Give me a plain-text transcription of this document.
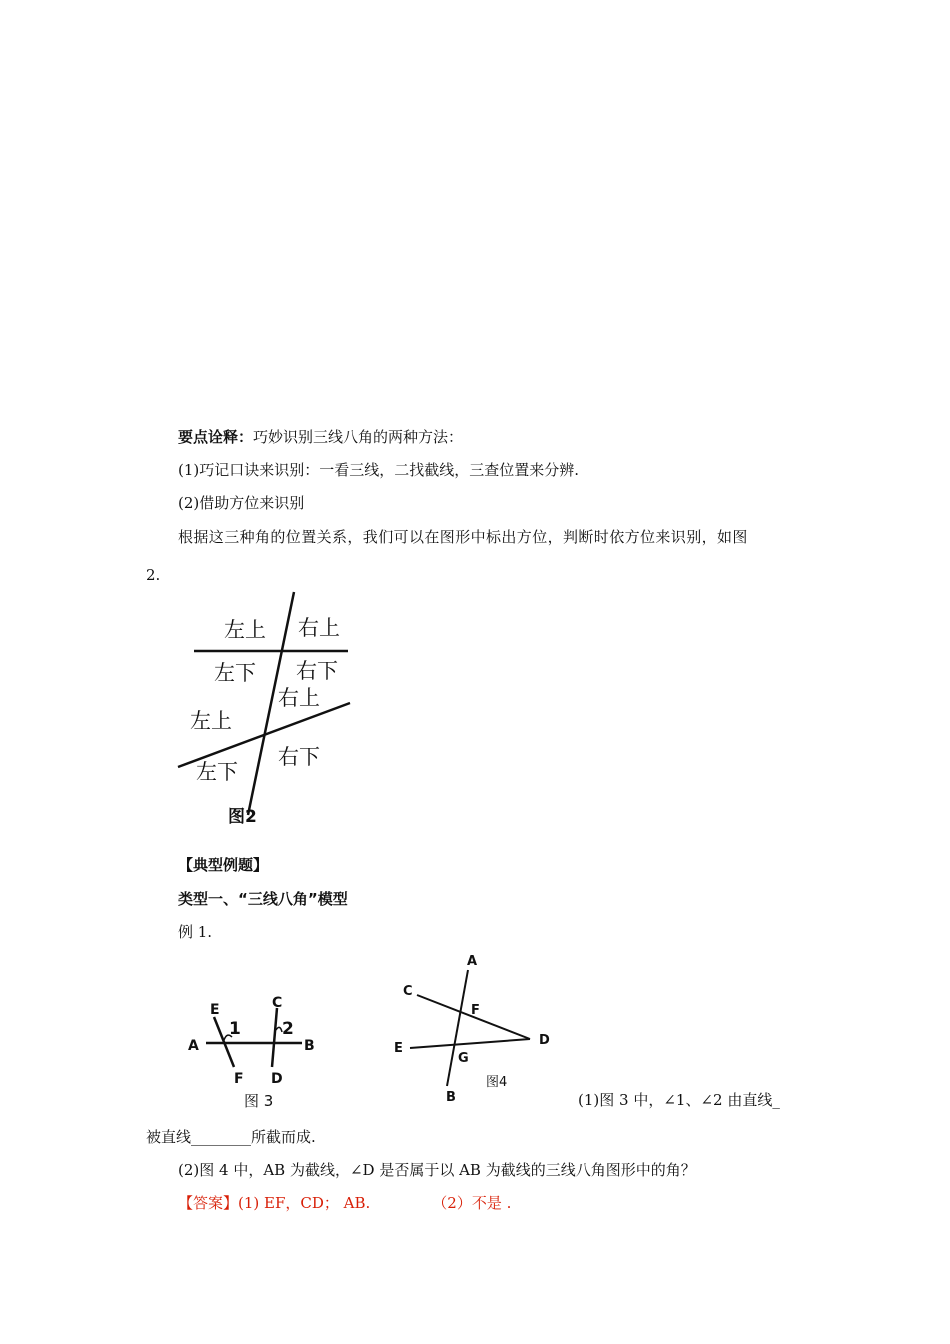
要点诠释：巧妙识别三线八角的两种方法：
(1)巧记口诀来识别：一看三线，二找截线，三查位置来分辨.
(2)借助方位来识别
根据这三种角的位置关系，我们可以在图形中标出方位，判断时依方位来识别，如图
2.
左上 右上
左下 右下
右上
左上
左下
右下
图2
【典型例题】
类型一、“三线八角”模型
例 1.
E	C
A	B
F D
1 2
图 3
A
C
F
D
E
G
B
图4
(1)图 3 中，∠1、∠2 由直线_
被直线________所截而成.
(2)图 4 中，AB 为截线，∠D 是否属于以 AB 为截线的三线八角图形中的角？
【答案】(1) EF，CD； AB.	（2）不是 .
